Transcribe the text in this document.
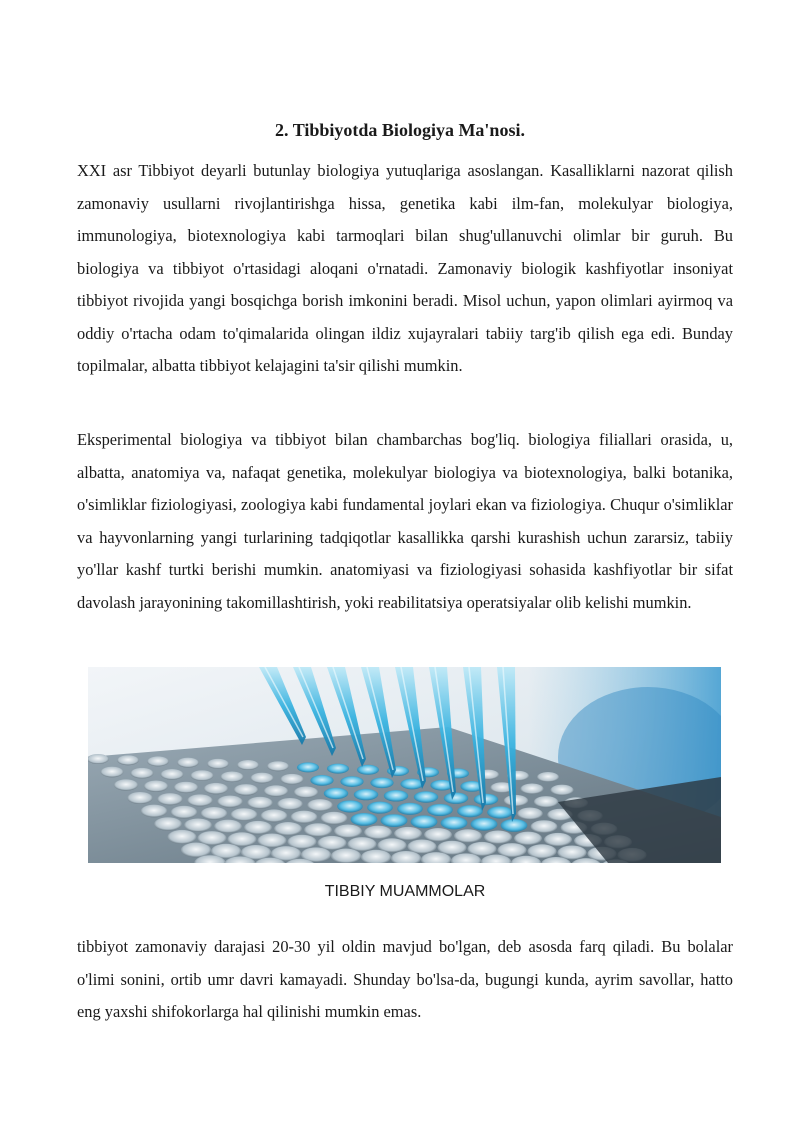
2. Tibbiyotda Biologiya Ma'nosi.

XXI asr Tibbiyot deyarli butunlay biologiya yutuqlariga asoslangan. Kasalliklarni nazorat qilish zamonaviy usullarni rivojlantirishga hissa, genetika kabi ilm-fan, molekulyar biologiya, immunologiya, biotexnologiya kabi tarmoqlari bilan shug'ullanuvchi olimlar bir guruh. Bu biologiya va tibbiyot o'rtasidagi aloqani o'rnatadi. Zamonaviy biologik kashfiyotlar insoniyat tibbiyot rivojida yangi bosqichga borish imkonini beradi. Misol uchun, yapon olimlari ayirmoq va oddiy o'rtacha odam to'qimalarida olingan ildiz xujayralari tabiiy targ'ib qilish ega edi. Bunday topilmalar, albatta tibbiyot kelajagini ta'sir qilishi mumkin.

Eksperimental biologiya va tibbiyot bilan chambarchas bog'liq. biologiya filiallari orasida, u, albatta, anatomiya va, nafaqat genetika, molekulyar biologiya va biotexnologiya, balki botanika, o'simliklar fiziologiyasi, zoologiya kabi fundamental joylari ekan va fiziologiya. Chuqur o'simliklar va hayvonlarning yangi turlarining tadqiqotlar kasallikka qarshi kurashish uchun zararsiz, tabiiy yo'llar kashf turtki berishi mumkin. anatomiyasi va fiziologiyasi sohasida kashfiyotlar bir sifat davolash jarayonining takomillashtirish, yoki reabilitatsiya operatsiyalar olib kelishi mumkin.

TIBBIY MUAMMOLAR

tibbiyot zamonaviy darajasi 20-30 yil oldin mavjud bo'lgan, deb asosda farq qiladi. Bu bolalar o'limi sonini, ortib umr davri kamayadi. Shunday bo'lsa-da, bugungi kunda, ayrim savollar, hatto eng yaxshi shifokorlarga hal qilinishi mumkin emas.
